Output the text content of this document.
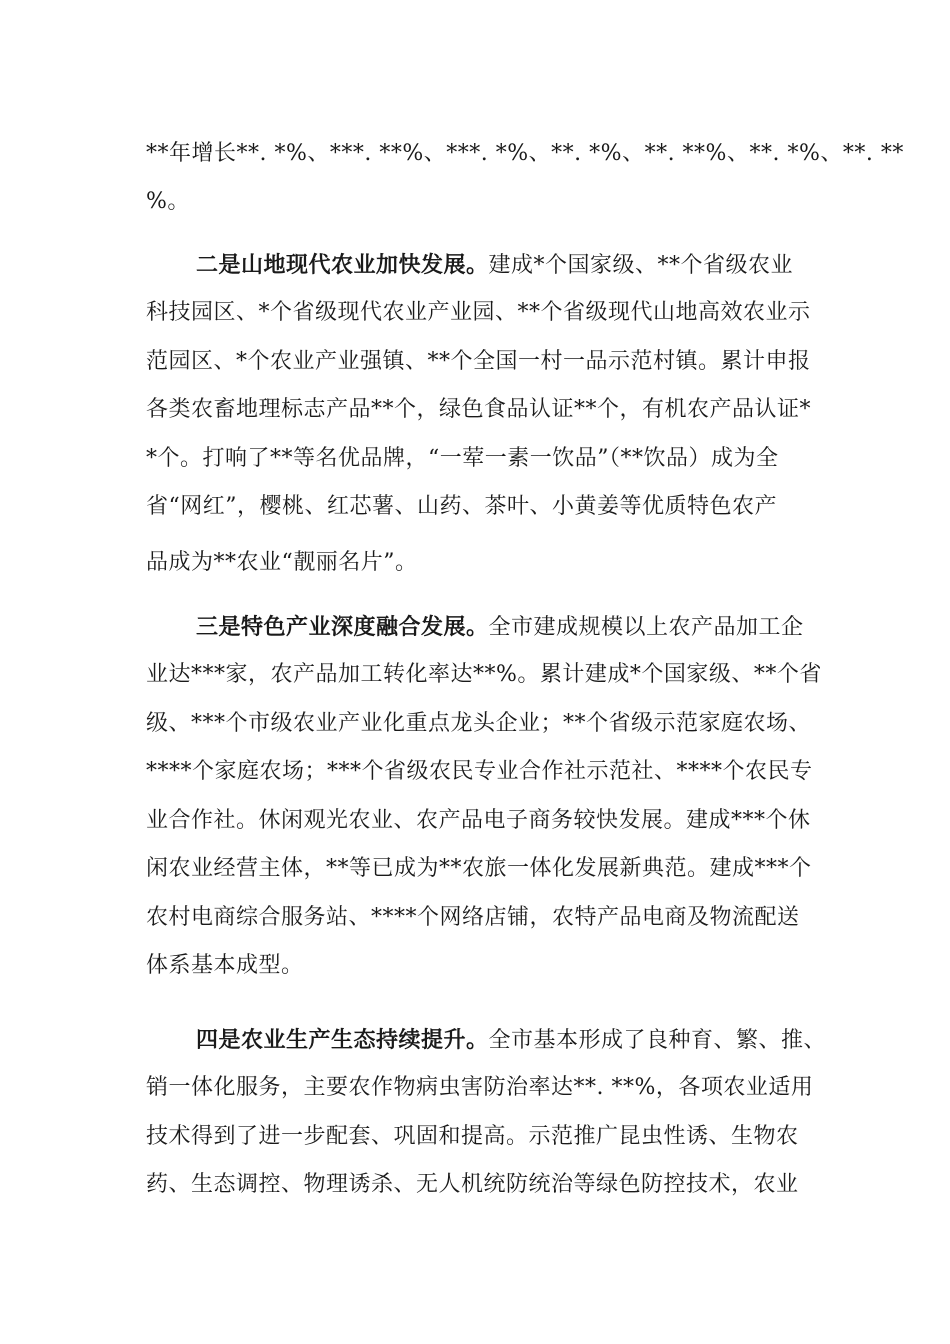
**年增长**. *%、***. **%、***. *%、**. *%、**. **%、**. *%、**. **
%。
二是山地现代农业加快发展。建成*个国家级、**个省级农业
科技园区、*个省级现代农业产业园、**个省级现代山地高效农业示
范园区、*个农业产业强镇、**个全国一村一品示范村镇。累计申报
各类农畜地理标志产品**个，绿色食品认证**个，有机农产品认证*
*个。打响了**等名优品牌，“一荤一素一饮品”（**饮品）成为全
省“网红”，樱桃、红芯薯、山药、茶叶、小黄姜等优质特色农产
品成为**农业“靓丽名片”。
三是特色产业深度融合发展。全市建成规模以上农产品加工企
业达***家，农产品加工转化率达**%。累计建成*个国家级、**个省
级、***个市级农业产业化重点龙头企业；**个省级示范家庭农场、
****个家庭农场；***个省级农民专业合作社示范社、****个农民专
业合作社。休闲观光农业、农产品电子商务较快发展。建成***个休
闲农业经营主体，**等已成为**农旅一体化发展新典范。建成***个
农村电商综合服务站、****个网络店铺，农特产品电商及物流配送
体系基本成型。
四是农业生产生态持续提升。全市基本形成了良种育、繁、推、
销一体化服务，主要农作物病虫害防治率达**. **%，各项农业适用
技术得到了进一步配套、巩固和提高。示范推广昆虫性诱、生物农
药、生态调控、物理诱杀、无人机统防统治等绿色防控技术，农业
